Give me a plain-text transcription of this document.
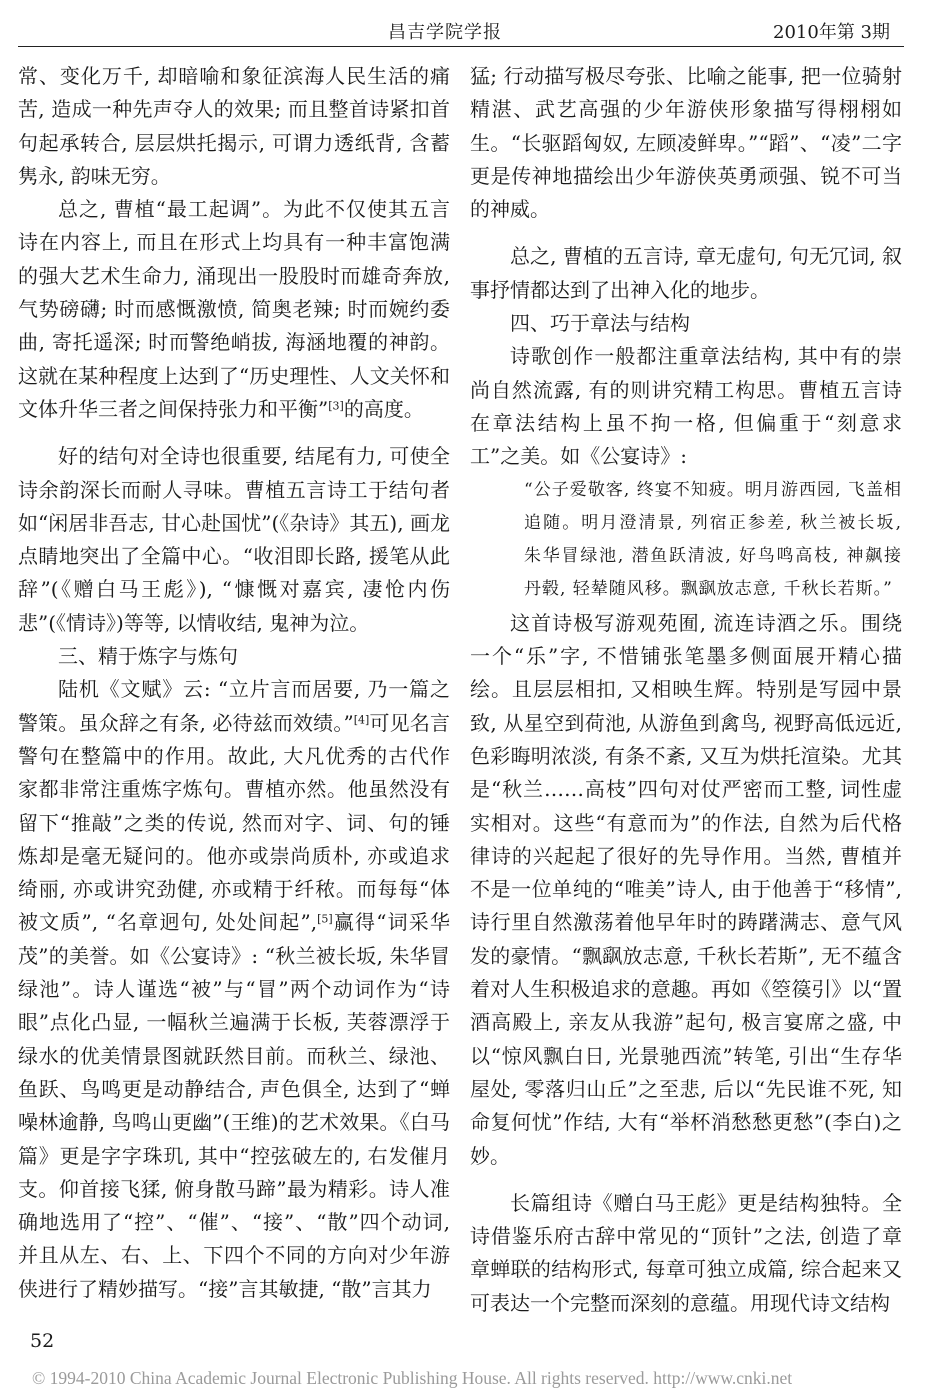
昌吉学院学报	2010年第 3期

常、变化万千, 却暗喻和象征滨海人民生活的痛苦, 造成一种先声夺人的效果; 而且整首诗紧扣首句起承转合, 层层烘托揭示, 可谓力透纸背, 含蓄隽永, 韵味无穷。

总之, 曹植“最工起调”。为此不仅使其五言诗在内容上, 而且在形式上均具有一种丰富饱满的强大艺术生命力, 涌现出一股股时而雄奇奔放, 气势磅礴; 时而感慨激愤, 简奥老辣; 时而婉约委曲, 寄托遥深; 时而警绝峭拔, 海涵地覆的神韵。这就在某种程度上达到了“历史理性、人文关怀和文体升华三者之间保持张力和平衡”[3]的高度。

好的结句对全诗也很重要, 结尾有力, 可使全诗余韵深长而耐人寻味。曹植五言诗工于结句者如“闲居非吾志, 甘心赴国忧”(《杂诗》其五), 画龙点睛地突出了全篇中心。“收泪即长路, 援笔从此辞”(《赠白马王彪》), “慷慨对嘉宾, 凄怆内伤悲”(《情诗》)等等, 以情收结, 鬼神为泣。

三、精于炼字与炼句

陆机《文赋》云: “立片言而居要, 乃一篇之警策。虽众辞之有条, 必待兹而效绩。”[4]可见名言警句在整篇中的作用。故此, 大凡优秀的古代作家都非常注重炼字炼句。曹植亦然。他虽然没有留下“推敲”之类的传说, 然而对字、词、句的锤炼却是毫无疑问的。他亦或崇尚质朴, 亦或追求绮丽, 亦或讲究劲健, 亦或精于纤秾。而每每“体被文质”, “名章迥句, 处处间起”,[5]赢得“词采华茂”的美誉。如《公宴诗》: “秋兰被长坂, 朱华冒绿池”。诗人谨选“被”与“冒”两个动词作为“诗眼”点化凸显, 一幅秋兰遍满于长板, 芙蓉漂浮于绿水的优美情景图就跃然目前。而秋兰、绿池、鱼跃、鸟鸣更是动静结合, 声色俱全, 达到了“蝉噪林逾静, 鸟鸣山更幽”(王维)的艺术效果。《白马篇》更是字字珠玑, 其中“控弦破左的, 右发催月支。仰首接飞猱, 俯身散马蹄”最为精彩。诗人准确地选用了“控”、“催”、“接”、“散”四个动词, 并且从左、右、上、下四个不同的方向对少年游侠进行了精妙描写。“接”言其敏捷, “散”言其力

猛; 行动描写极尽夸张、比喻之能事, 把一位骑射精湛、武艺高强的少年游侠形象描写得栩栩如生。“长驱蹈匈奴, 左顾凌鲜卑。”“蹈”、“凌”二字更是传神地描绘出少年游侠英勇顽强、锐不可当的神威。

总之, 曹植的五言诗, 章无虚句, 句无冗词, 叙事抒情都达到了出神入化的地步。

四、巧于章法与结构

诗歌创作一般都注重章法结构, 其中有的崇尚自然流露, 有的则讲究精工构思。曹植五言诗在章法结构上虽不拘一格, 但偏重于“刻意求工”之美。如《公宴诗》:

“公子爱敬客, 终宴不知疲。明月游西园, 飞盖相追随。明月澄清景, 列宿正参差, 秋兰被长坂, 朱华冒绿池, 潜鱼跃清波, 好鸟鸣高枝, 神飙接丹毂, 轻辇随风移。飘飖放志意, 千秋长若斯。”

这首诗极写游观苑囿, 流连诗酒之乐。围绕一个“乐”字, 不惜铺张笔墨多侧面展开精心描绘。且层层相扣, 又相映生辉。特别是写园中景致, 从星空到荷池, 从游鱼到禽鸟, 视野高低远近, 色彩晦明浓淡, 有条不紊, 又互为烘托渲染。尤其是“秋兰……高枝”四句对仗严密而工整, 词性虚实相对。这些“有意而为”的作法, 自然为后代格律诗的兴起起了很好的先导作用。当然, 曹植并不是一位单纯的“唯美”诗人, 由于他善于“移情”, 诗行里自然激荡着他早年时的踌躇满志、意气风发的豪情。“飘飖放志意, 千秋长若斯”, 无不蕴含着对人生积极追求的意趣。再如《箜篌引》以“置酒高殿上, 亲友从我游”起句, 极言宴席之盛, 中以“惊风飘白日, 光景驰西流”转笔, 引出“生存华屋处, 零落归山丘”之至悲, 后以“先民谁不死, 知命复何忧”作结, 大有“举杯消愁愁更愁”(李白)之妙。

长篇组诗《赠白马王彪》更是结构独特。全诗借鉴乐府古辞中常见的“顶针”之法, 创造了章章蝉联的结构形式, 每章可独立成篇, 综合起来又可表达一个完整而深刻的意蕴。用现代诗文结构

52
© 1994-2010 China Academic Journal Electronic Publishing House. All rights reserved. http://www.cnki.net
